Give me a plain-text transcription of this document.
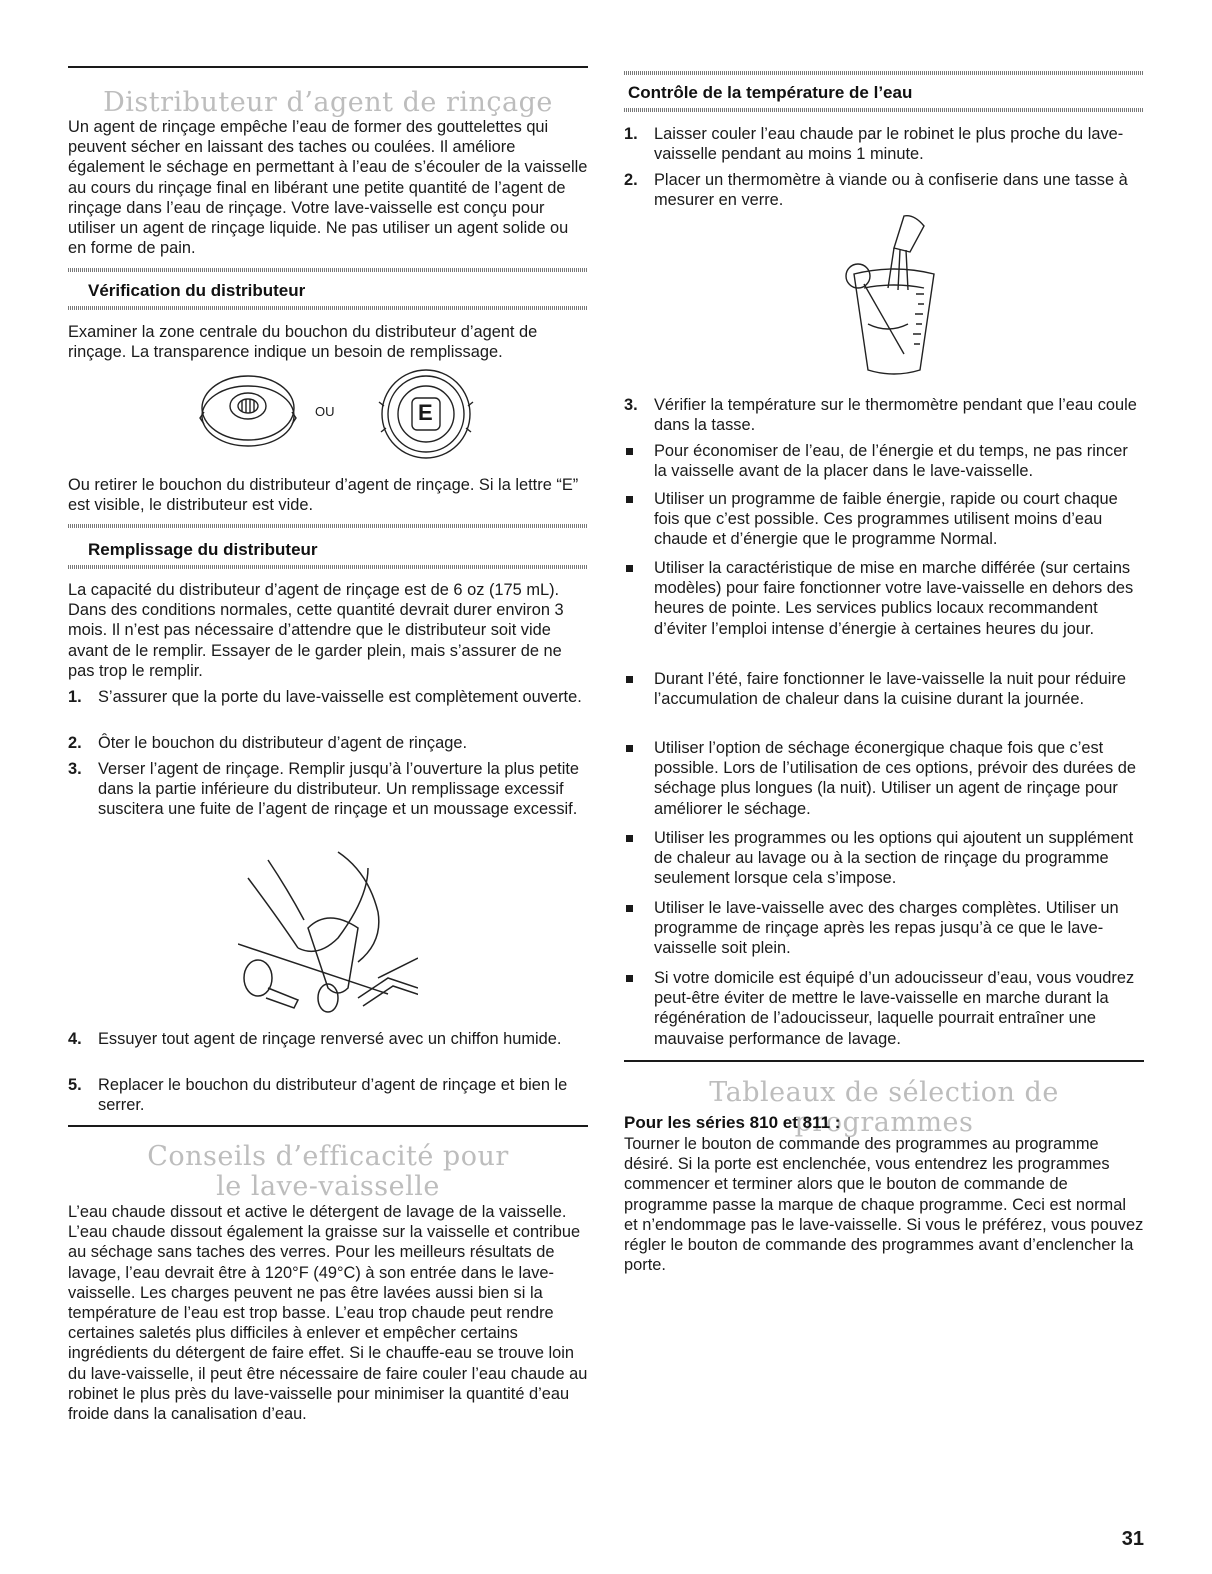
Distributeur d’agent de rinçage

Un agent de rinçage empêche l’eau de former des gouttelettes qui peuvent sécher en laissant des taches ou coulées. Il améliore également le séchage en permettant à l’eau de s’écouler de la vaisselle au cours du rinçage final en libérant une petite quantité de l’agent de rinçage dans l’eau de rinçage. Votre lave-vaisselle est conçu pour utiliser un agent de rinçage liquide. Ne pas utiliser un agent solide ou en forme de pain.

Vérification du distributeur

Examiner la zone centrale du bouchon du distributeur d’agent de rinçage. La transparence indique un besoin de remplissage.

OU	E

Ou retirer le bouchon du distributeur d’agent de rinçage. Si la lettre “E” est visible, le distributeur est vide.

Remplissage du distributeur

La capacité du distributeur d’agent de rinçage est de 6 oz (175 mL). Dans des conditions normales, cette quantité devrait durer environ 3 mois. Il n’est pas nécessaire d’attendre que le distributeur soit vide avant de le remplir. Essayer de le garder plein, mais s’assurer de ne pas trop le remplir.

1. S’assurer que la porte du lave-vaisselle est complètement ouverte.
2. Ôter le bouchon du distributeur d’agent de rinçage.
3. Verser l’agent de rinçage. Remplir jusqu’à l’ouverture la plus petite dans la partie inférieure du distributeur. Un remplissage excessif suscitera une fuite de l’agent de rinçage et un moussage excessif.
4. Essuyer tout agent de rinçage renversé avec un chiffon humide.
5. Replacer le bouchon du distributeur d’agent de rinçage et bien le serrer.
Conseils d’efficacité pour
le lave-vaisselle

L’eau chaude dissout et active le détergent de lavage de la vaisselle. L’eau chaude dissout également la graisse sur la vaisselle et contribue au séchage sans taches des verres. Pour les meilleurs résultats de lavage, l’eau devrait être à 120°F (49°C) à son entrée dans le lave-vaisselle. Les charges peuvent ne pas être lavées aussi bien si la température de l’eau est trop basse. L’eau trop chaude peut rendre certaines saletés plus difficiles à enlever et empêcher certains ingrédients du détergent de faire effet. Si le chauffe-eau se trouve loin du lave-vaisselle, il peut être nécessaire de faire couler l’eau chaude au robinet le plus près du lave-vaisselle pour minimiser la quantité d’eau froide dans la canalisation d’eau.

Contrôle de la température de l’eau
1. Laisser couler l’eau chaude par le robinet le plus proche du lave-vaisselle pendant au moins 1 minute.
2. Placer un thermomètre à viande ou à confiserie dans une tasse à mesurer en verre.
3. Vérifier la température sur le thermomètre pendant que l’eau coule dans la tasse.
Pour économiser de l’eau, de l’énergie et du temps, ne pas rincer la vaisselle avant de la placer dans le lave-vaisselle.
Utiliser un programme de faible énergie, rapide ou court chaque fois que c’est possible. Ces programmes utilisent moins d’eau chaude et d’énergie que le programme Normal.
Utiliser la caractéristique de mise en marche différée (sur certains modèles) pour faire fonctionner votre lave-vaisselle en dehors des heures de pointe. Les services publics locaux recommandent d’éviter l’emploi intense d’énergie à certaines heures du jour.
Durant l’été, faire fonctionner le lave-vaisselle la nuit pour réduire l’accumulation de chaleur dans la cuisine durant la journée.
Utiliser l’option de séchage éconergique chaque fois que c’est possible. Lors de l’utilisation de ces options, prévoir des durées de séchage plus longues (la nuit). Utiliser un agent de rinçage pour améliorer le séchage.
Utiliser les programmes ou les options qui ajoutent un supplément de chaleur au lavage ou à la section de rinçage du programme seulement lorsque cela s’impose.
Utiliser le lave-vaisselle avec des charges complètes. Utiliser un programme de rinçage après les repas jusqu’à ce que le lave-vaisselle soit plein.
Si votre domicile est équipé d’un adoucisseur d’eau, vous voudrez peut-être éviter de mettre le lave-vaisselle en marche durant la régénération de l’adoucisseur, laquelle pourrait entraîner une mauvaise performance de lavage.
Tableaux de sélection de programmes
Pour les séries 810 et 811 :

Tourner le bouton de commande des programmes au programme désiré. Si la porte est enclenchée, vous entendrez les programmes commencer et terminer alors que le bouton de commande de programme passe la marque de chaque programme. Ceci est normal et n’endommage pas le lave-vaisselle. Si vous le préférez, vous pouvez régler le bouton de commande des programmes avant d’enclencher la porte.

31
